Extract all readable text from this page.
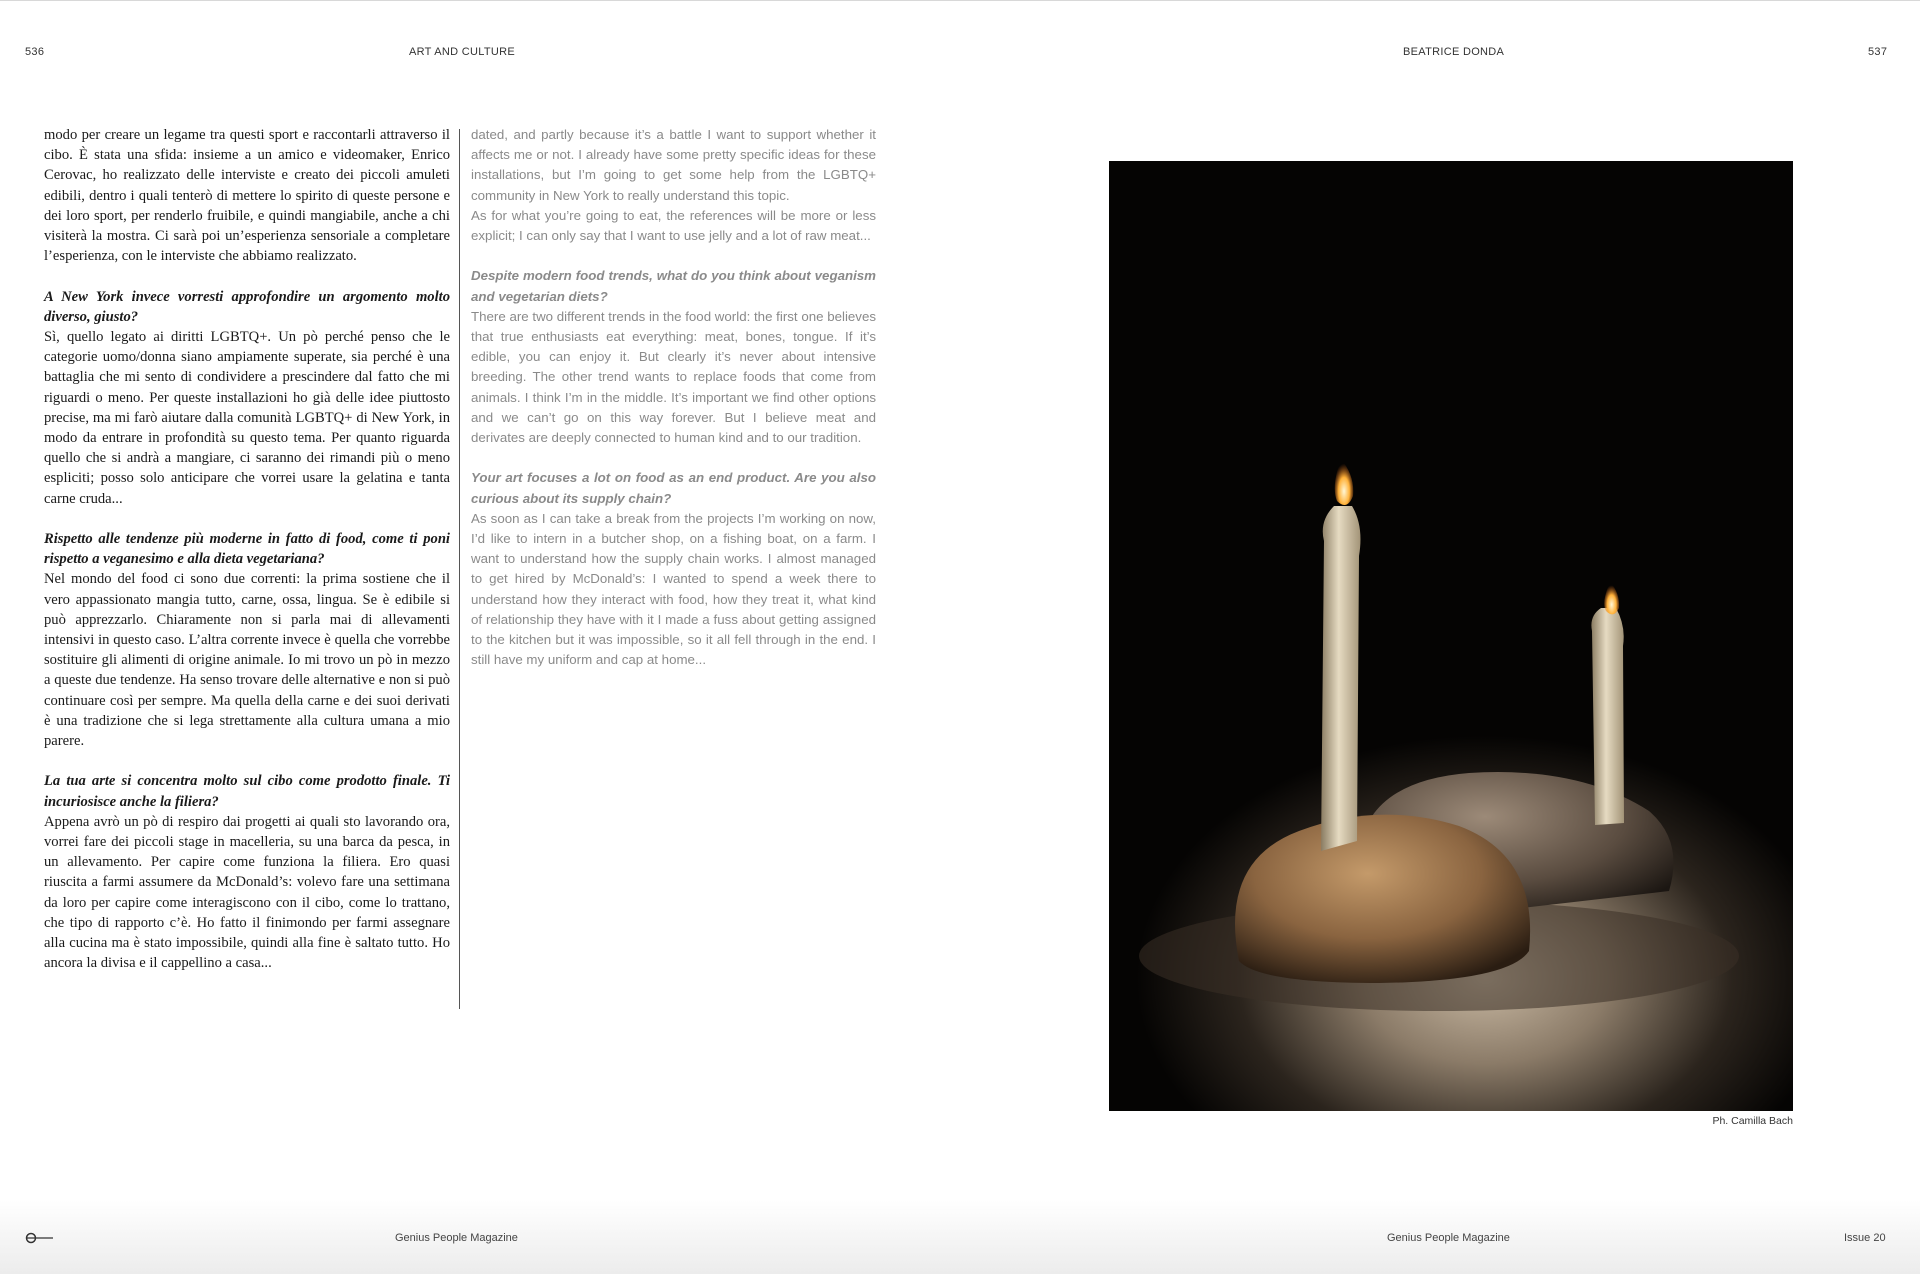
536	ART AND CULTURE	BEATRICE DONDA	537

modo per creare un legame tra questi sport e raccontarli attraverso il cibo. È stata una sfida: insieme a un amico e videomaker, Enrico Cerovac, ho realizzato delle interviste e creato dei piccoli amuleti edibili, dentro i quali tenterò di mettere lo spirito di queste persone e dei loro sport, per renderlo fruibile, e quindi mangiabile, anche a chi visiterà la mostra. Ci sarà poi un’esperienza sensoriale a completare l’esperienza, con le interviste che abbiamo realizzato.

A New York invece vorresti approfondire un argomento molto diverso, giusto?

Sì, quello legato ai diritti LGBTQ+. Un pò perché penso che le categorie uomo/donna siano ampiamente superate, sia perché è una battaglia che mi sento di condividere a prescindere dal fatto che mi riguardi o meno. Per queste installazioni ho già delle idee piuttosto precise, ma mi farò aiutare dalla comunità LGBTQ+ di New York, in modo da entrare in profondità su questo tema. Per quanto riguarda quello che si andrà a mangiare, ci saranno dei rimandi più o meno espliciti; posso solo anticipare che vorrei usare la gelatina e tanta carne cruda...

Rispetto alle tendenze più moderne in fatto di food, come ti poni rispetto a veganesimo e alla dieta vegetariana?

Nel mondo del food ci sono due correnti: la prima sostiene che il vero appassionato mangia tutto, carne, ossa, lingua. Se è edibile si può apprezzarlo. Chiaramente non si parla mai di allevamenti intensivi in questo caso. L’altra corrente invece è quella che vorrebbe sostituire gli alimenti di origine animale. Io mi trovo un pò in mezzo a queste due tendenze. Ha senso trovare delle alternative e non si può continuare così per sempre. Ma quella della carne e dei suoi derivati è una tradizione che si lega strettamente alla cultura umana a mio parere.

La tua arte si concentra molto sul cibo come prodotto finale. Ti incuriosisce anche la filiera?

Appena avrò un pò di respiro dai progetti ai quali sto lavorando ora, vorrei fare dei piccoli stage in macelleria, su una barca da pesca, in un allevamento. Per capire come funziona la filiera. Ero quasi riuscita a farmi assumere da McDonald’s: volevo fare una settimana da loro per capire come interagiscono con il cibo, come lo trattano, che tipo di rapporto c’è. Ho fatto il finimondo per farmi assegnare alla cucina ma è stato impossibile, quindi alla fine è saltato tutto. Ho ancora la divisa e il cappellino a casa...

dated, and partly because it’s a battle I want to support whether it affects me or not. I already have some pretty specific ideas for these installations, but I’m going to get some help from the LGBTQ+ community in New York to really understand this topic.

As for what you’re going to eat, the references will be more or less explicit; I can only say that I want to use jelly and a lot of raw meat...

Despite modern food trends, what do you think about veganism and vegetarian diets?

There are two different trends in the food world: the first one believes that true enthusiasts eat everything: meat, bones, tongue. If it’s edible, you can enjoy it. But clearly it’s never about intensive breeding. The other trend wants to replace foods that come from animals. I think I’m in the middle. It’s important we find other options and we can’t go on this way forever. But I believe meat and derivates are deeply connected to human kind and to our tradition.

Your art focuses a lot on food as an end product. Are you also curious about its supply chain?

As soon as I can take a break from the projects I’m working on now, I’d like to intern in a butcher shop, on a fishing boat, on a farm. I want to understand how the supply chain works. I almost managed to get hired by McDonald’s: I wanted to spend a week there to understand how they interact with food, how they treat it, what kind of relationship they have with it I made a fuss about getting assigned to the kitchen but it was impossible, so it all fell through in the end. I still have my uniform and cap at home...

Ph. Camilla Bach
Genius People Magazine	Genius People Magazine	Issue 20
